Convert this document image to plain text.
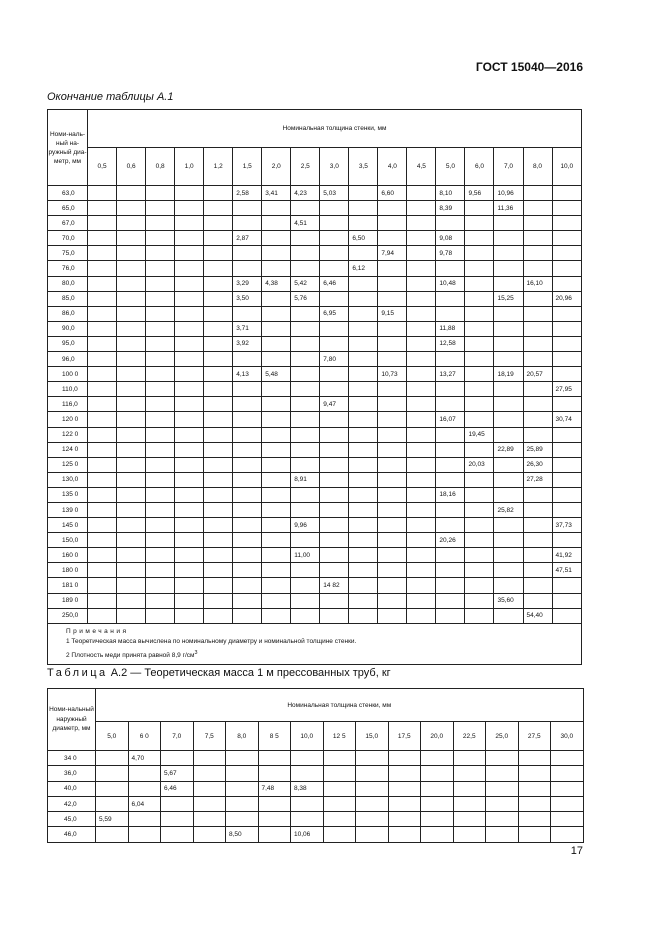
ГОСТ 15040—2016
Окончание таблицы А.1
Номи-наль-ный на-ружный диа-метр, мм	Номинальная толщина стенки, мм																
	0,5	0,6	0,8	1,0	1,2	1,5	2,0	2,5	3,0	3,5	4,0	4,5	5,0	6,0	7,0	8,0	10,0
63,0						2,58	3,41	4,23	5,03		6,60		8,10	9,56	10,96		
65,0													8,39		11,36		
67,0								4,51									
70,0						2,87				6,50			9,08				
75,0											7,94		9,78				
76,0										6,12							
80,0						3,29	4,38	5,42	6,46				10,48			16,10	
85,0						3,50		5,76							15,25		20,96
86,0									6,95		9,15						
90,0						3,71							11,88				
95,0						3,92							12,58				
96,0									7,80								
100 0						4,13	5,48				10,73		13,27		18,19	20,57	
110,0																	27,95
116,0									9,47								
120 0													16,07				30,74
122 0														19,45			
124 0															22,89	25,89	
125 0														20,03		26,30	
130,0								8,91								27,28	
135 0													18,16				
139 0															25,82		
145 0								9,96									37,73
150,0													20,26				
160 0								11,00									41,92
180 0																	47,51
181 0									14 82								
189 0															35,60		
250,0																54,40	

Примечания
1 Теоретическая масса вычислена по номинальному диаметру и номинальной толщине стенки.
2 Плотность меди принята равной 8,9 $г/см^3$
Таблица А.2 — Теоретическая масса 1 м прессованных труб, кг
Номи-нальный наружный диаметр, мм	Номинальная толщина стенки, мм														
	5,0	6 0	7,0	7,5	8,0	8 5	10,0	12 5	15,0	17,5	20,0	22,5	25,0	27,5	30,0
34 0		4,70													
36,0			5,67												
40,0			6,46			7,48	8,38								
42,0		6,04													
45,0	5,59														
46,0					8,50		10,06								
17
